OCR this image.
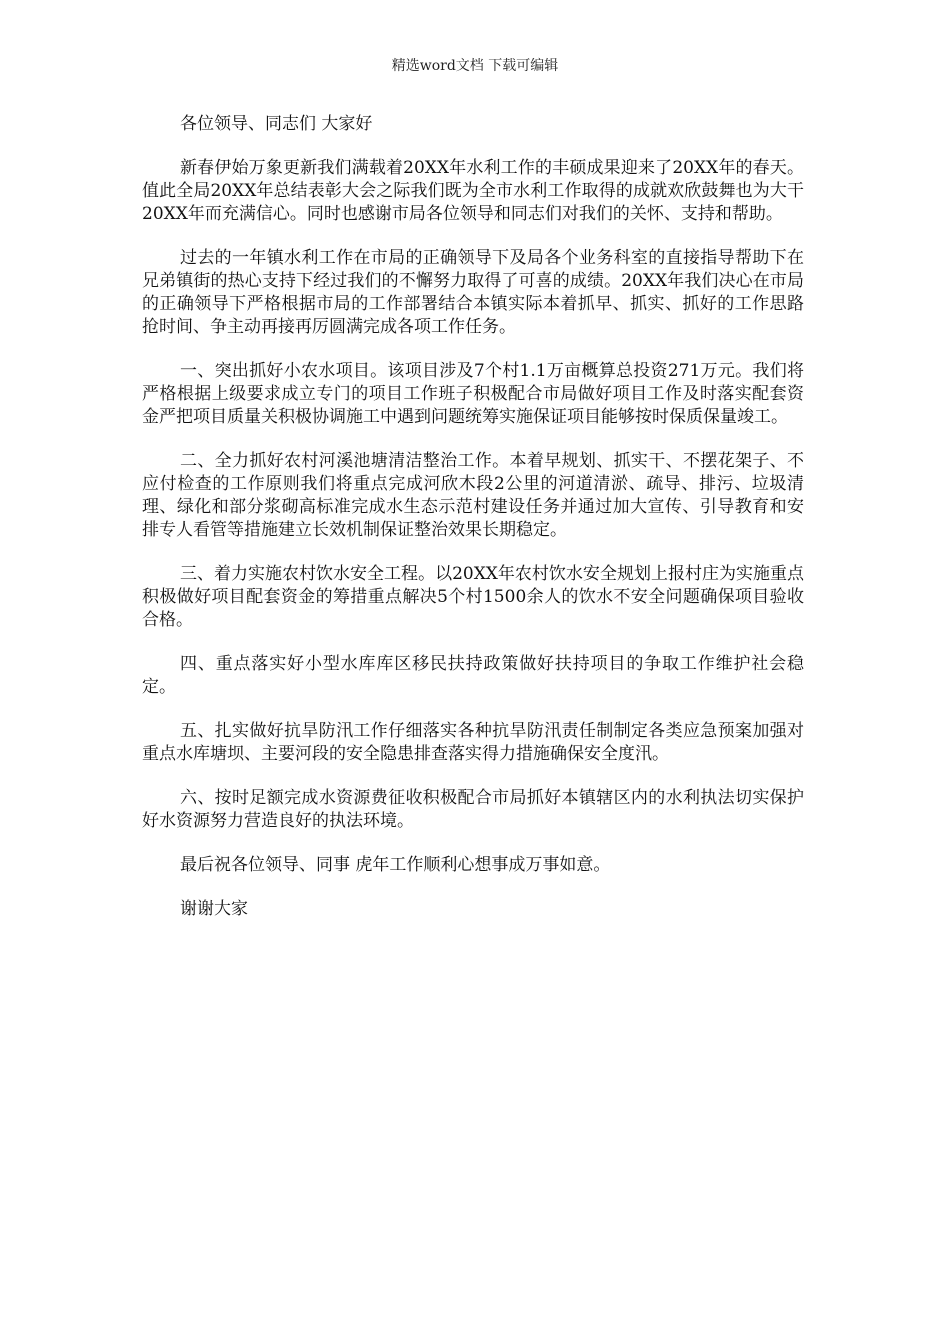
精选word文档 下载可编辑

各位领导、同志们 大家好

新春伊始万象更新我们满载着20XX年水利工作的丰硕成果迎来了20XX年的春天。值此全局20XX年总结表彰大会之际我们既为全市水利工作取得的成就欢欣鼓舞也为大干20XX年而充满信心。同时也感谢市局各位领导和同志们对我们的关怀、支持和帮助。

过去的一年镇水利工作在市局的正确领导下及局各个业务科室的直接指导帮助下在兄弟镇街的热心支持下经过我们的不懈努力取得了可喜的成绩。20XX年我们决心在市局的正确领导下严格根据市局的工作部署结合本镇实际本着抓早、抓实、抓好的工作思路抢时间、争主动再接再厉圆满完成各项工作任务。

一、突出抓好小农水项目。该项目涉及7个村1.1万亩概算总投资271万元。我们将严格根据上级要求成立专门的项目工作班子积极配合市局做好项目工作及时落实配套资金严把项目质量关积极协调施工中遇到问题统筹实施保证项目能够按时保质保量竣工。

二、全力抓好农村河溪池塘清洁整治工作。本着早规划、抓实干、不摆花架子、不应付检查的工作原则我们将重点完成河欣木段2公里的河道清淤、疏导、排污、垃圾清理、绿化和部分浆砌高标准完成水生态示范村建设任务并通过加大宣传、引导教育和安排专人看管等措施建立长效机制保证整治效果长期稳定。

三、着力实施农村饮水安全工程。以20XX年农村饮水安全规划上报村庄为实施重点积极做好项目配套资金的筹措重点解决5个村1500余人的饮水不安全问题确保项目验收合格。

四、重点落实好小型水库库区移民扶持政策做好扶持项目的争取工作维护社会稳定。

五、扎实做好抗旱防汛工作仔细落实各种抗旱防汛责任制制定各类应急预案加强对重点水库塘坝、主要河段的安全隐患排查落实得力措施确保安全度汛。

六、按时足额完成水资源费征收积极配合市局抓好本镇辖区内的水利执法切实保护好水资源努力营造良好的执法环境。

最后祝各位领导、同事 虎年工作顺利心想事成万事如意。

谢谢大家
